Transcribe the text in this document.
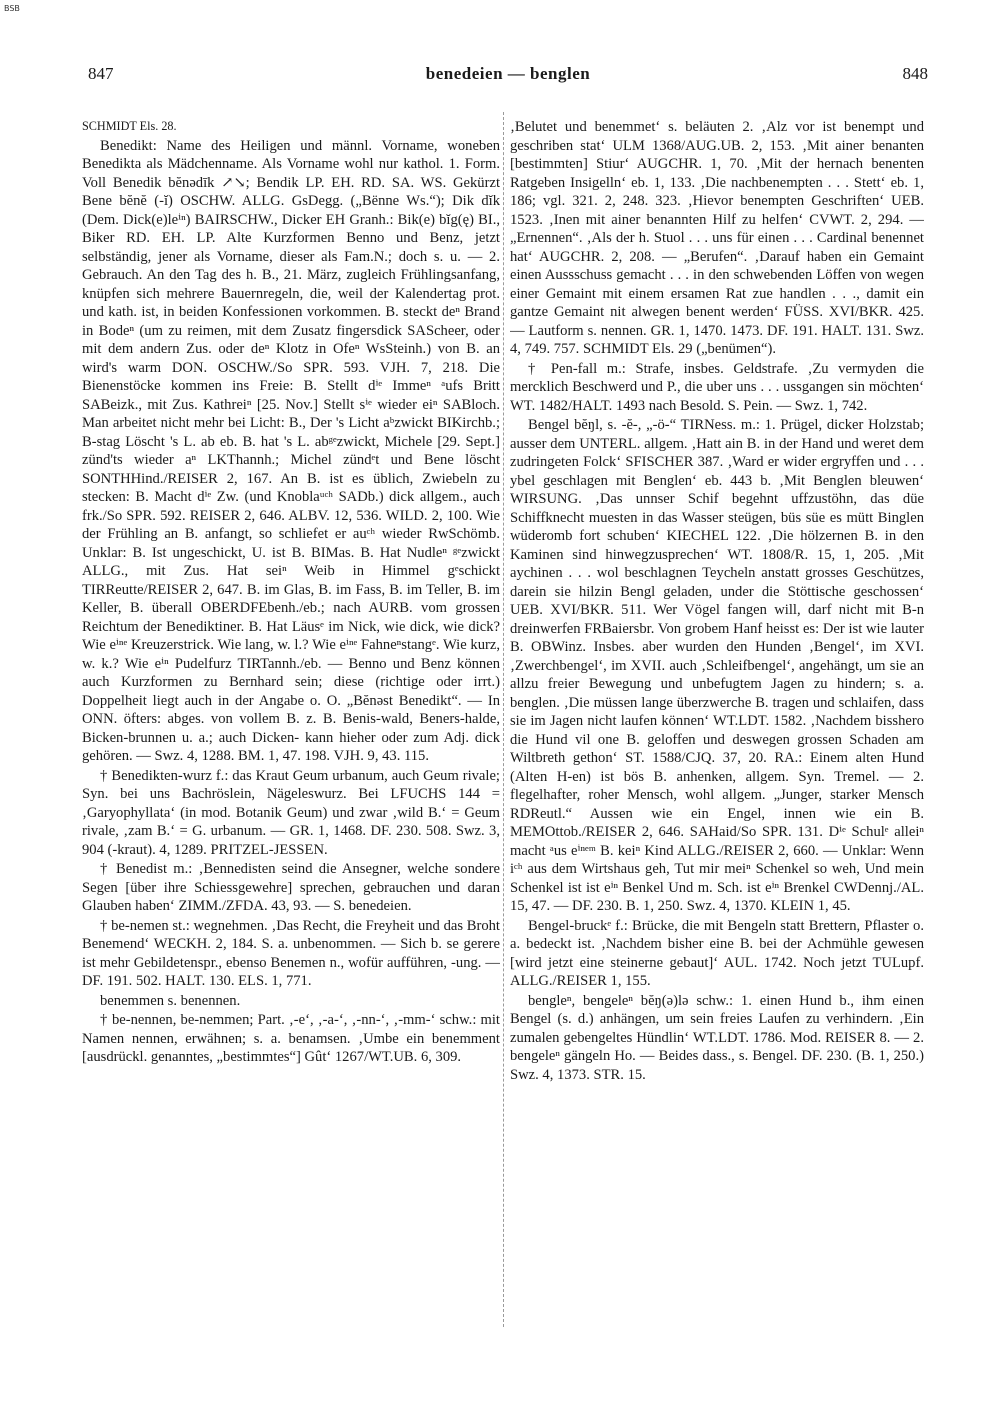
BSB
847	benedeien — benglen	848

SCHMIDT Els. 28.

Benedikt: Name des Heiligen und männl. Vorname, woneben Benedikta als Mädchenname. Als Vorname wohl nur kathol. 1. Form. Voll Benedik bĕnədīk ↗↘; Bendik LP. EH. RD. SA. WS. Gekürzt Bene bĕnĕ (-ĭ) OSCHW. ALLG. GsDegg. („Bënne Ws.“); Dik dĭk (Dem. Dick(e)leⁱⁿ) BAIRSCHW., Dicker EH Granh.: Bik(e) bĭg(ę) BI., Biker RD. EH. LP. Alte Kurzformen Benno und Benz, jetzt selbständig, jener als Vorname, dieser als Fam.N.; doch s. u. — 2. Gebrauch. An den Tag des h. B., 21. März, zugleich Frühlingsanfang, knüpfen sich mehrere Bauernregeln, die, weil der Kalendertag prot. und kath. ist, in beiden Konfessionen vorkommen. B. steckt deⁿ Brand in Bodeⁿ (um zu reimen, mit dem Zusatz fingersdick SAScheer, oder mit dem andern Zus. oder deⁿ Klotz in Ofeⁿ WsSteinh.) von B. an wird's warm DON. OSCHW./So SPR. 593. VJH. 7, 218. Die Bienenstöcke kommen ins Freie: B. Stellt dⁱᵉ Immeⁿ ᵃufs Britt SABeizk., mit Zus. Kathreiⁿ [25. Nov.] Stellt sⁱᵉ wieder eiⁿ SABloch. Man arbeitet nicht mehr bei Licht: B., Der 's Licht aᵇzwickt BIKirchb.; B-stag Löscht 's L. ab eb. B. hat 's L. abᵍᵉzwickt, Michele [29. Sept.] zünd'ts wieder aⁿ LKThannh.; Michel zündᵉt und Bene löscht SONTHHind./REISER 2, 167. An B. ist es üblich, Zwiebeln zu stecken: B. Macht dⁱᵉ Zw. (und Knoblaᵘᶜʰ SADb.) dick allgem., auch frk./So SPR. 592. REISER 2, 646. ALBV. 12, 536. WILD. 2, 100. Wie der Frühling an B. anfangt, so schliefet er auᶜʰ wieder RwSchömb. Unklar: B. Ist ungeschickt, U. ist B. BIMas. B. Hat Nudleⁿ ᵍᵉzwickt ALLG., mit Zus. Hat seiⁿ Weib in Himmel gᵉschickt TIRReutte/REISER 2, 647. B. im Glas, B. im Fass, B. im Teller, B. im Keller, B. überall OBERDFEbenh./eb.; nach AURB. vom grossen Reichtum der Benediktiner. B. Hat Läusᵉ im Nick, wie dick, wie dick? Wie eⁱⁿᵉ Kreuzerstrick. Wie lang, w. l.? Wie eⁱⁿᵉ Fahneⁿstangᵉ. Wie kurz, w. k.? Wie eⁱⁿ Pudelfurz TIRTannh./eb. — Benno und Benz können auch Kurzformen zu Bernhard sein; diese (richtige oder irrt.) Doppelheit liegt auch in der Angabe o. O. „Bĕnəst Benedikt“. — In ONN. öfters: abges. von vollem B. z. B. Benis-wald, Beners-halde, Bicken-brunnen u. a.; auch Dicken- kann hieher oder zum Adj. dick gehören. — Swz. 4, 1288. BM. 1, 47. 198. VJH. 9, 43. 115.

† Benedikten-wurz f.: das Kraut Geum urbanum, auch Geum rivale; Syn. bei uns Bachröslein, Nägeleswurz. Bei LFUCHS 144 = ‚Garyophyllata‘ (in mod. Botanik Geum) und zwar ‚wild B.‘ = Geum rivale, ‚zam B.‘ = G. urbanum. — GR. 1, 1468. DF. 230. 508. Swz. 3, 904 (-kraut). 4, 1289. PRITZEL-JESSEN.

† Benedist m.: ‚Bennedisten seind die Ansegner, welche sondere Segen [über ihre Schiessgewehre] sprechen, gebrauchen und daran Glauben haben‘ ZIMM./ZFDA. 43, 93. — S. benedeien.

† be-nemen st.: wegnehmen. ‚Das Recht, die Freyheit und das Broht Benemend‘ WECKH. 2, 184. S. a. unbenommen. — Sich b. se gerere ist mehr Gebildetenspr., ebenso Benemen n., wofür aufführen, -ung. — DF. 191. 502. HALT. 130. ELS. 1, 771.

benemmen s. benennen.

† be-nennen, be-nemmen; Part. ‚-e‘, ‚-a-‘, ‚-nn-‘, ‚-mm-‘ schw.: mit Namen nennen, erwähnen; s. a. benamsen. ‚Umbe ein benemment [ausdrückl. genanntes, „bestimmtes“] Gût‘ 1267/WT.UB. 6, 309.

‚Belutet und benemmet‘ s. beläuten 2. ‚Alz vor ist benempt und geschriben stat‘ ULM 1368/AUG.UB. 2, 153. ‚Mit ainer benanten [bestimmten] Stiur‘ AUGCHR. 1, 70. ‚Mit der hernach benenten Ratgeben Insigelln‘ eb. 1, 133. ‚Die nachbenempten . . . Stett‘ eb. 1, 186; vgl. 321. 2, 248. 323. ‚Hievor benempten Geschriften‘ UEB. 1523. ‚Inen mit ainer benannten Hilf zu helfen‘ CVWT. 2, 294. — „Ernennen“. ‚Als der h. Stuol . . . uns für einen . . . Cardinal benennet hat‘ AUGCHR. 2, 208. — „Berufen“. ‚Darauf haben ein Gemaint einen Aussschuss gemacht . . . in den schwebenden Löffen von wegen einer Gemaint mit einem ersamen Rat zue handlen . . ., damit ein gantze Gemaint nit alwegen benent werden‘ FÜSS. XVI/BKR. 425. — Lautform s. nennen. GR. 1, 1470. 1473. DF. 191. HALT. 131. Swz. 4, 749. 757. SCHMIDT Els. 29 („benümen“).

† Pen-fall m.: Strafe, insbes. Geldstrafe. ‚Zu vermyden die mercklich Beschwerd und P., die uber uns . . . ussgangen sin möchten‘ WT. 1482/HALT. 1493 nach Besold. S. Pein. — Swz. 1, 742.

Bengel bĕŋl, s. -ĕ-, „-ö-“ TIRNess. m.: 1. Prügel, dicker Holzstab; ausser dem UNTERL. allgem. ‚Hatt ain B. in der Hand und weret dem zudringeten Folck‘ SFISCHER 387. ‚Ward er wider ergryffen und . . . ybel geschlagen mit Benglen‘ eb. 443 b. ‚Mit Benglen bleuwen‘ WIRSUNG. ‚Das unnser Schif begehnt uffzustöhn, das düe Schiffknecht muesten in das Wasser steügen, büs süe es mütt Binglen wüderomb fort schuben‘ KIECHEL 122. ‚Die hölzernen B. in den Kaminen sind hinwegzusprechen‘ WT. 1808/R. 15, 1, 205. ‚Mit aychinen . . . wol beschlagnen Teycheln anstatt grosses Geschützes, darein sie hilzin Bengl geladen, under die Stöttische geschossen‘ UEB. XVI/BKR. 511. Wer Vögel fangen will, darf nicht mit B-n dreinwerfen FRBaiersbr. Von grobem Hanf heisst es: Der ist wie lauter B. OBWinz. Insbes. aber wurden den Hunden ‚Bengel‘, im XVI. ‚Zwerchbengel‘, im XVII. auch ‚Schleifbengel‘, angehängt, um sie an allzu freier Bewegung und unbefugtem Jagen zu hindern; s. a. benglen. ‚Die müssen lange überzwerche B. tragen und schlaifen, dass sie im Jagen nicht laufen können‘ WT.LDT. 1582. ‚Nachdem bisshero die Hund vil one B. geloffen und deswegen grossen Schaden am Wiltbreth gethon‘ ST. 1588/CJQ. 37, 20. RA.: Einem alten Hund (Alten H-en) ist bös B. anhenken, allgem. Syn. Tremel. — 2. flegelhafter, roher Mensch, wohl allgem. „Junger, starker Mensch RDReutl.“ Aussen wie ein Engel, innen wie ein B. MEMOttob./REISER 2, 646. SAHaid/So SPR. 131. Dⁱᵉ Schulᵉ alleiⁿ macht ᵃus eⁱⁿᵉᵐ B. keiⁿ Kind ALLG./REISER 2, 660. — Unklar: Wenn iᶜʰ aus dem Wirtshaus geh, Tut mir meiⁿ Schenkel so weh, Und mein Schenkel ist ist eⁱⁿ Benkel Und m. Sch. ist eⁱⁿ Brenkel CWDennj./AL. 15, 47. — DF. 230. B. 1, 250. Swz. 4, 1370. KLEIN 1, 45.

Bengel-bruckᵉ f.: Brücke, die mit Bengeln statt Brettern, Pflaster o. a. bedeckt ist. ‚Nachdem bisher eine B. bei der Achmühle gewesen [wird jetzt eine steinerne gebaut]‘ AUL. 1742. Noch jetzt TULupf. ALLG./REISER 1, 155.

bengleⁿ, bengeleⁿ bĕŋ(ə)lə schw.: 1. einen Hund b., ihm einen Bengel (s. d.) anhängen, um sein freies Laufen zu verhindern. ‚Ein zumalen gebengeltes Hündlin‘ WT.LDT. 1786. Mod. REISER 8. — 2. bengeleⁿ gängeln Ho. — Beides dass., s. Bengel. DF. 230. (B. 1, 250.) Swz. 4, 1373. STR. 15.
